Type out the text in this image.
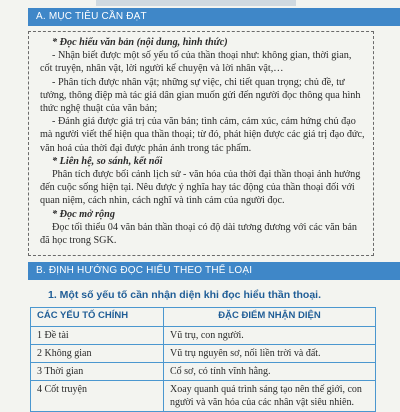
A. MỤC TIÊU CẦN ĐẠT

* Đọc hiểu văn bản (nội dung, hình thức)

- Nhận biết được một số yếu tố của thần thoại như: không gian, thời gian, cốt truyện, nhân vật, lời người kể chuyện và lời nhân vật,…

- Phân tích được nhân vật; những sự việc, chi tiết quan trọng; chủ đề, tư tưởng, thông điệp mà tác giả dân gian muốn gửi đến người đọc thông qua hình thức nghệ thuật của văn bản;

- Đánh giá được giá trị của văn bản; tình cảm, cảm xúc, cảm hứng chủ đạo mà người viết thể hiện qua thần thoại; từ đó, phát hiện được các giá trị đạo đức, văn hoá của thời đại được phản ánh trong tác phẩm.

* Liên hệ, so sánh, kết nối

Phân tích được bối cảnh lịch sử - văn hóa của thời đại thần thoại ảnh hưởng đến cuộc sống hiện tại. Nêu được ý nghĩa hay tác động của thần thoại đối với quan niệm, cách nhìn, cách nghĩ và tình cảm của người đọc.

* Đọc mở rộng

Đọc tối thiểu 04 văn bản thần thoại có độ dài tương đương với các văn bản đã học trong SGK.

B. ĐỊNH HƯỚNG ĐỌC HIỂU THEO THỂ LOẠI
1. Một số yếu tố cần nhận diện khi đọc hiểu thần thoại.
CÁC YẾU TỐ CHÍNH	ĐẶC ĐIỂM NHẬN DIỆN
1 Đề tài	Vũ trụ, con người.
2 Không gian	Vũ trụ nguyên sơ, nối liền trời và đất.
3 Thời gian	Cổ sơ, có tính vĩnh hằng.
4 Cốt truyện	Xoay quanh quá trình sáng tạo nên thế giới, con người và văn hóa của các nhân vật siêu nhiên.
